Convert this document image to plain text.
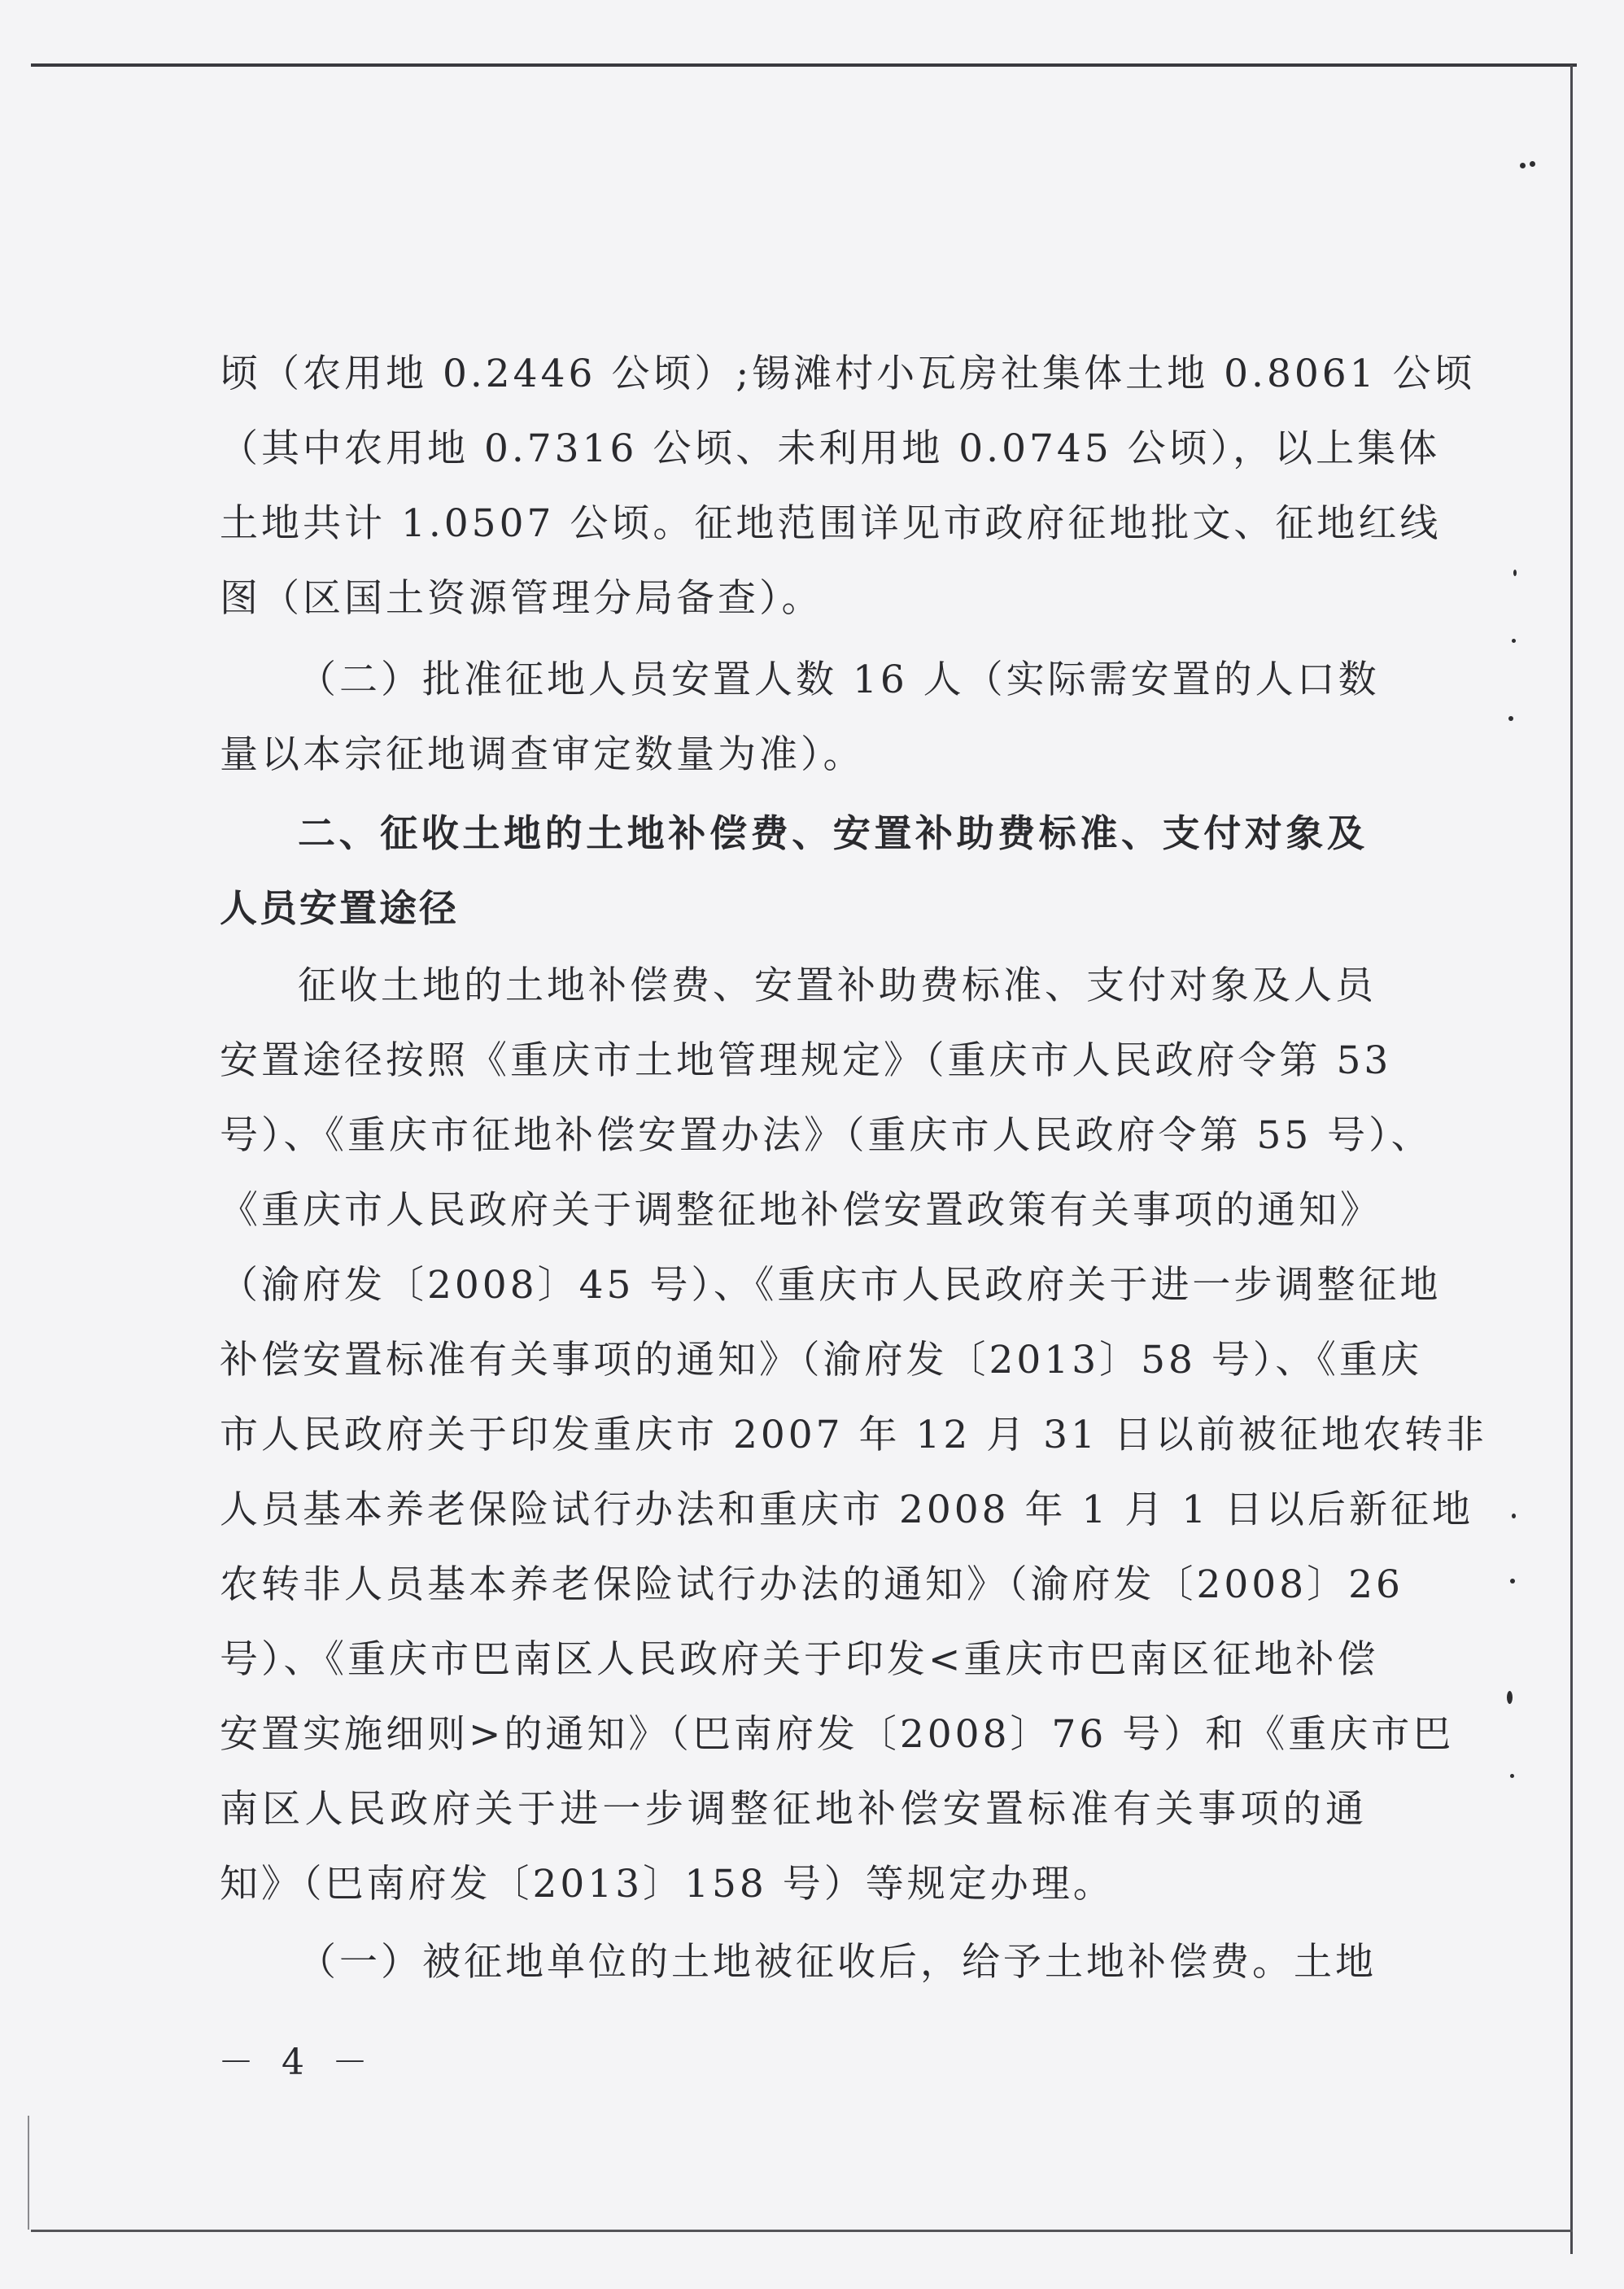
顷（农用地 0.2446 公顷）;锡滩村小瓦房社集体土地 0.8061 公顷
（其中农用地 0.7316 公顷、未利用地 0.0745 公顷），以上集体
土地共计 1.0507 公顷。征地范围详见市政府征地批文、征地红线
图（区国土资源管理分局备查）。
（二）批准征地人员安置人数 16 人（实际需安置的人口数
量以本宗征地调查审定数量为准）。
二、征收土地的土地补偿费、安置补助费标准、支付对象及
人员安置途径
征收土地的土地补偿费、安置补助费标准、支付对象及人员
安置途径按照《重庆市土地管理规定》（重庆市人民政府令第 53
号）、《重庆市征地补偿安置办法》（重庆市人民政府令第 55 号）、
《重庆市人民政府关于调整征地补偿安置政策有关事项的通知》
（渝府发〔2008〕45 号）、《重庆市人民政府关于进一步调整征地
补偿安置标准有关事项的通知》（渝府发〔2013〕58 号）、《重庆
市人民政府关于印发重庆市 2007 年 12 月 31 日以前被征地农转非
人员基本养老保险试行办法和重庆市 2008 年 1 月 1 日以后新征地
农转非人员基本养老保险试行办法的通知》（渝府发〔2008〕26
号）、《重庆市巴南区人民政府关于印发<重庆市巴南区征地补偿
安置实施细则>的通知》（巴南府发〔2008〕76 号）和《重庆市巴
南区人民政府关于进一步调整征地补偿安置标准有关事项的通
知》（巴南府发〔2013〕158 号）等规定办理。
（一）被征地单位的土地被征收后，给予土地补偿费。土地
－ 4 －
